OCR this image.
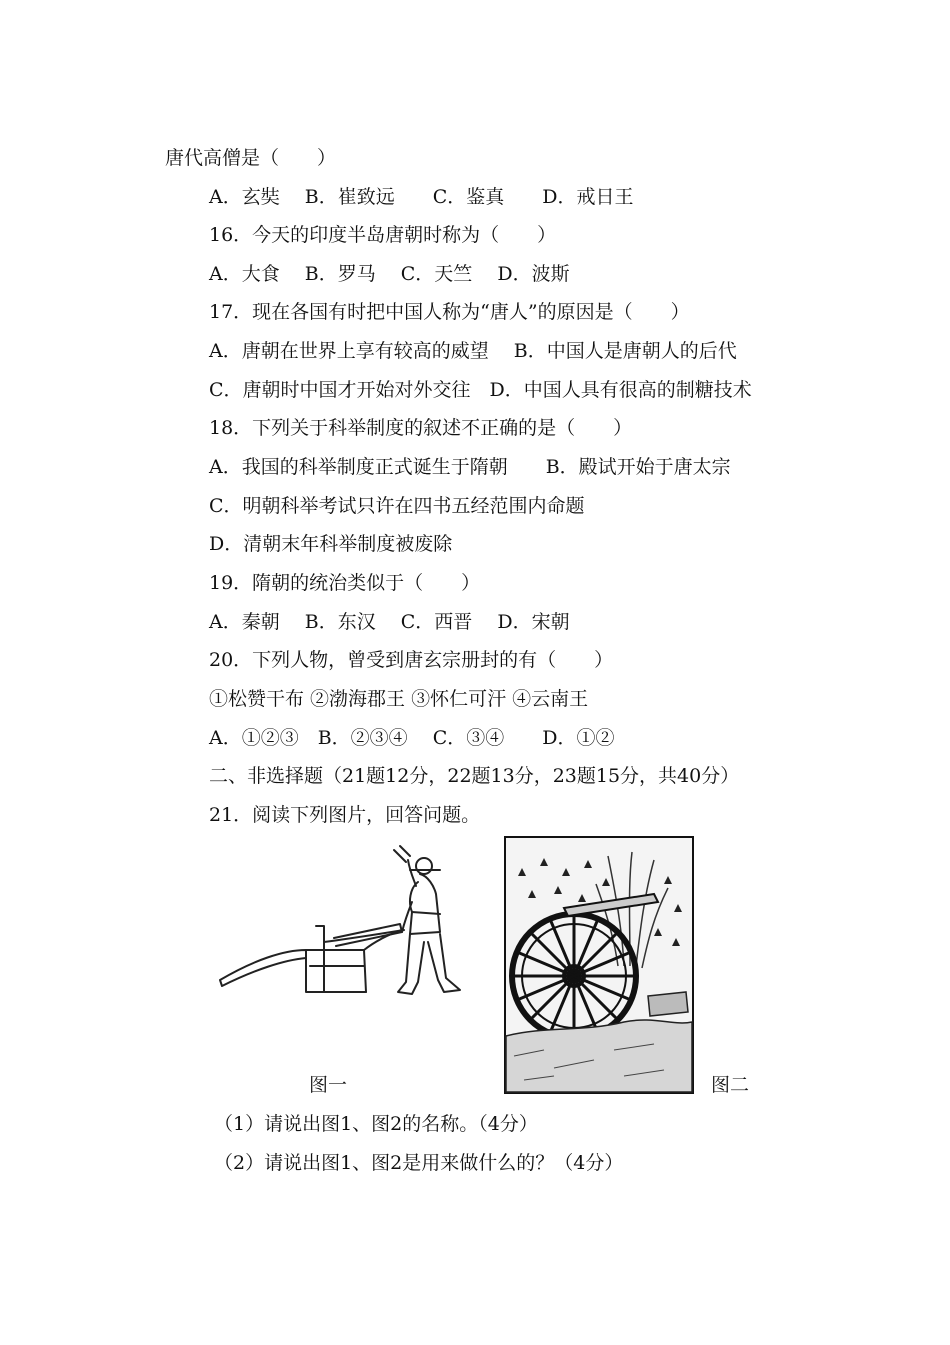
唐代高僧是（　　）
A．玄奘　 B．崔致远　　C．鉴真　　D．戒日王
16．今天的印度半岛唐朝时称为（　　）
A．大食　 B．罗马　 C．天竺　 D．波斯
17．现在各国有时把中国人称为“唐人”的原因是（　　）
A．唐朝在世界上享有较高的威望　 B．中国人是唐朝人的后代
C．唐朝时中国才开始对外交往　D．中国人具有很高的制糖技术
18．下列关于科举制度的叙述不正确的是（　　）
A．我国的科举制度正式诞生于隋朝　　B．殿试开始于唐太宗
C．明朝科举考试只许在四书五经范围内命题
D．清朝末年科举制度被废除
19．隋朝的统治类似于（　　）
A．秦朝　 B．东汉　 C．西晋　 D．宋朝
20．下列人物，曾受到唐玄宗册封的有（　　）
①松赞干布 ②渤海郡王 ③怀仁可汗 ④云南王
A．①②③　B．②③④　 C．③④　　D．①②
二、非选择题（21题12分，22题13分，23题15分，共40分）
21．阅读下列图片，回答问题。
图一	图二
（1）请说出图1、图2的名称。（4分）
（2）请说出图1、图2是用来做什么的？（4分）
